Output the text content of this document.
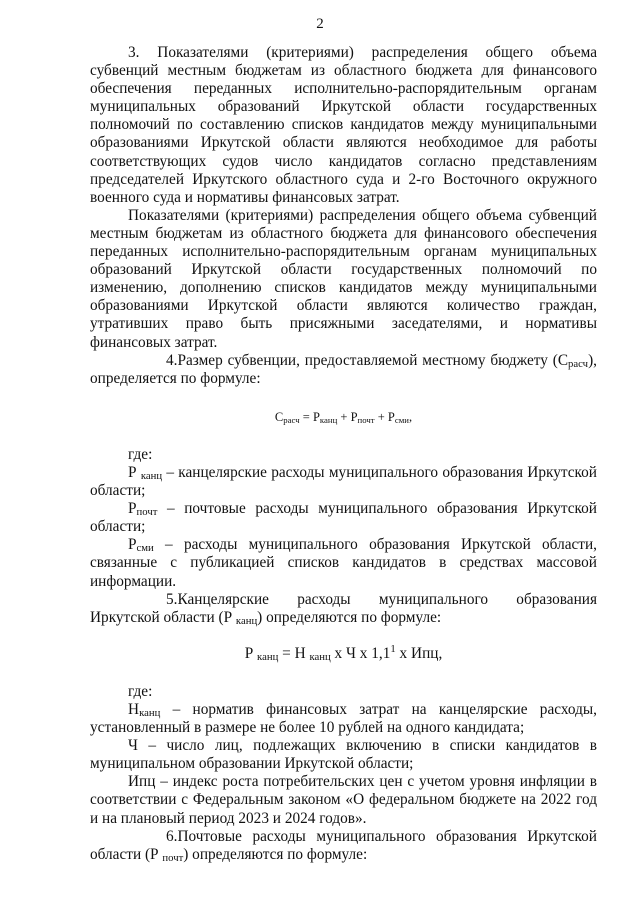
2

3. Показателями (критериями) распределения общего объема субвенций местным бюджетам из областного бюджета для финансового обеспечения переданных исполнительно-распорядительным органам муниципальных образований Иркутской области государственных полномочий по составлению списков кандидатов между муниципальными образованиями Иркутской области являются необходимое для работы соответствующих судов число кандидатов согласно представлениям председателей Иркутского областного суда и 2-го Восточного окружного военного суда и нормативы финансовых затрат.

Показателями (критериями) распределения общего объема субвенций местным бюджетам из областного бюджета для финансового обеспечения переданных исполнительно-распорядительным органам муниципальных образований Иркутской области государственных полномочий по изменению, дополнению списков кандидатов между муниципальными образованиями Иркутской области являются количество граждан, утративших право быть присяжными заседателями, и нормативы финансовых затрат.

4.Размер субвенции, предоставляемой местному бюджету $(С_{расч})$, определяется по формуле:

$С_{расч} = Р_{канц} + Р_{почт} + Р_{сми}$,

где:

Р $_{канц}$ – канцелярские расходы муниципального образования Иркутской области;

$Р_{почт}$ – почтовые расходы муниципального образования Иркутской области;

$Р_{сми}$ – расходы муниципального образования Иркутской области, связанные с публикацией списков кандидатов в средствах массовой информации.

5.Канцелярские расходы муниципального образования Иркутской области (Р $_{канц}$) определяются по формуле:

Р $_{канц}$ = Н $_{канц}$ х Ч х $1,1^1$ х Ипц,

где:

$Н_{канц}$ – норматив финансовых затрат на канцелярские расходы, установленный в размере не более 10 рублей на одного кандидата;

Ч – число лиц, подлежащих включению в списки кандидатов в муниципальном образовании Иркутской области;

Ипц – индекс роста потребительских цен с учетом уровня инфляции в соответствии с Федеральным законом «О федеральном бюджете на 2022 год и на плановый период 2023 и 2024 годов».

6.Почтовые расходы муниципального образования Иркутской области (Р $_{почт}$) определяются по формуле:
